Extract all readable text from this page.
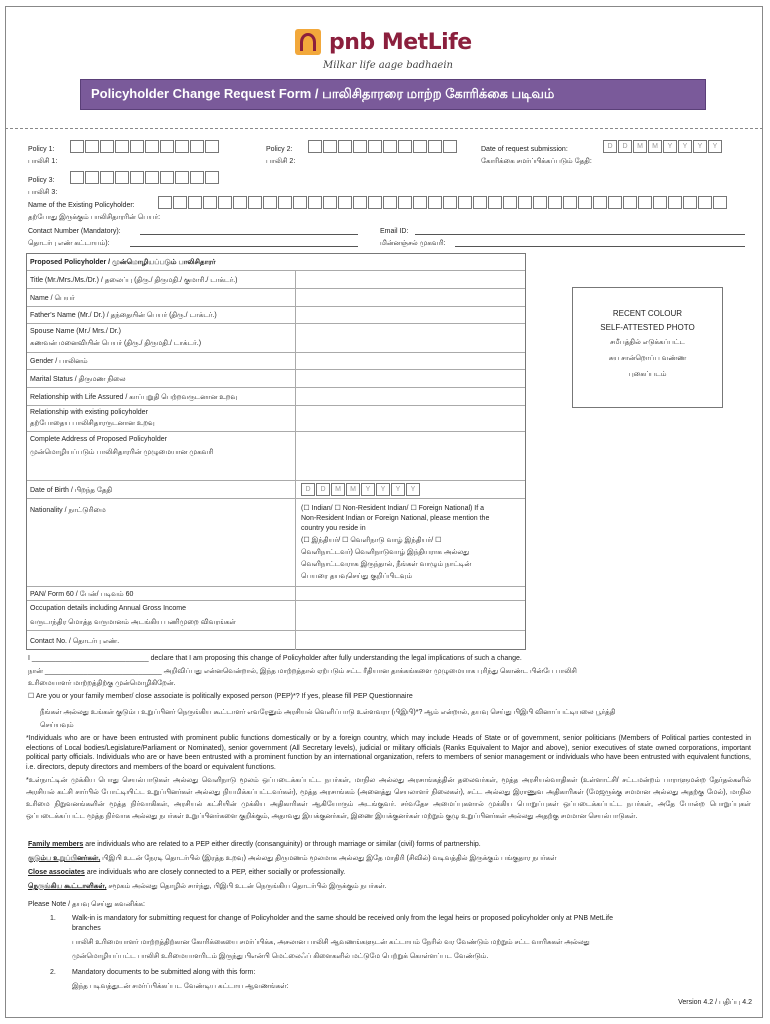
pnb MetLife
Milkar life aage badhaein
Policyholder Change Request Form / பாலிசிதாரரை மாற்ற கோரிக்கை படிவம்
Policy 1:
பாலிசி 1:
Policy 2:
பாலிசி 2:
Date of request submission:
கோரிக்கை சமர்ப்பிக்கப்படும் தேதி:
D	D	M	M	Y	Y	Y	Y
Policy 3:
பாலிசி 3:
Name of the Existing Policyholder:
தற்போது இருக்கும் பாலிசிதாரரின் பெயர்:
Contact Number (Mandatory):
தொடர்பு எண் கட்டாயம்):
Email ID:
மின்னஞ்சல் முகவரி:
Proposed Policyholder / முன்மொழியப்படும் பாலிசிதாரர்
Title (Mr./Mrs./Ms./Dr.) / தலைப்பு (திரு./ திருமதி./ குமாரி./ டாக்டர்.)
Name / பெயர்
Father's Name (Mr./ Dr.) / தந்தையின் பெயர் (திரு./ டாக்டர்.)
Spouse Name (Mr./ Mrs./ Dr.)
கணவன் மனைவியின் பெயர் (திரு./ திருமதி./ டாக்டர்.)
Gender / பாலினம்
Marital Status / திருமண நிலை
Relationship with Life Assured / காப்புறுதி பெற்றவருடனான உறவு
Relationship with existing policyholder
தற்போதைய பாலிசிதாரருடனான உறவு
Complete Address of Proposed Policyholder
முன்மொழியப்படும் பாலிசிதாரரின் முழுமையான முகவரி
Date of Birth / பிறந்த தேதி	D	D	M	M	Y	Y	Y	Y
Nationality / நாட்டுரிமை	(☐ Indian/ ☐ Non-Resident Indian/ ☐ Foreign National) If a
Non-Resident Indian or Foreign National, please mention the
country you reside in
(☐ இந்தியர்/ ☐ வெளிநாடு வாழ் இந்தியர்/ ☐
வெளிநாட்டவர்) வெளிநாடுவாழ் இந்தியராக அல்லது
வெளிநாட்டவராக இருந்தால், நீங்கள் வாழும் நாட்டின்
பெயரை தயவுசெய்து குறிப்பிடவும்
PAN/ Form 60 / பேன்/ படிவம் 60
Occupation details including Annual Gross Income
வருடாந்திர மொத்த வருமானம் அடங்கிய பணிமுறை விவரங்கள்
Contact No. / தொடர்பு எண்.
RECENT COLOUR
SELF-ATTESTED PHOTO
சமீபத்தில் எடுக்கப்பட்ட
சுய சான்றொப்ப வண்ண
புகைப்படம்
I ______________________________ declare that I am proposing this change of Policyholder after fully understanding the legal implications of such a change.
நான் ______________________________ அறிவிப்பது என்னவென்றால், இந்த மாற்றத்தால் ஏற்படும் சட்ட ரீதியான தாக்கங்களை முழுமையாக புரிந்து கொண்ட பின்பே பாலிசி
உரிமையாளர் மாற்றத்திற்கு முன்மொழிகிறேன்.
☐ Are you or your family member/ close associate is politically exposed person (PEP)*? If yes, please fill PEP Questionnaire
நீங்கள் அல்லது உங்கள் குடும்ப உறுப்பினர் நெருங்கிய கூட்டாளர் எவரேனும் அரசியல் வெளிப்பாடு உள்ளவரா (பிஇபி)*? ஆம் என்றால், தயவு செய்து பிஇபி வினாப்பட்டியலை பூர்த்தி
செய்யவும்
*Individuals who are or have been entrusted with prominent public functions domestically or by a foreign country, which may include Heads of State or of government, senior politicians (Members of Political parties contested in elections of Local bodies/Legislature/Parliament or Nominated), senior government (All Secretary levels), judicial or military officials (Ranks Equivalent to Major and above), senior executives of state owned corporations, important political party officials. Individuals who are or have been entrusted with a prominent function by an international organization, refers to members of senior management or individuals who have been entrusted with equivalent functions, i.e. directors, deputy directors and members of the board or equivalent functions.
*உள்நாட்டின் முக்கிய பொது செயல்பாடுகள் அல்லது வெளிநாடு மூலம் ஒப்படைக்கப்பட்ட நபர்கள், மாநில அல்லது அரசாங்கத்தின் தலைவர்கள், மூத்த அரசியல்வாதிகள் (உள்ளாட்சி/ சட்டமன்றம் பாராளுமன்ற தேர்தல்களில் அரசியல் கட்சி சார்பில் போட்டியிட்ட உறுப்பினர்கள் அல்லது நியமிக்கப்பட்டவர்கள்), மூத்த அரசாங்கம் (அனைத்து செயலாளர் நிலைகள்), சட்ட அல்லது இராணுவ அதிகாரிகள் (மேஜருக்கு சமமான அல்லது அதற்கு மேல்), மாநில உரிமை நிறுவனங்களின் மூத்த நிர்வாகிகள், அரசியல் கட்சியின் முக்கிய அதிகாரிகள் ஆகியோரும் அடங்குவர். சர்வதேச அமைப்புகளால் முக்கிய பொறுப்புகள் ஒப்படைக்கப்பட்ட நபர்கள், அதே போன்ற பொறுப்புகள் ஒப்படைக்கப்பட்ட மூத்த நிர்வாக அல்லது நபர்கள் உறுப்பினர்களை குறிக்கும், அதாவது இயக்குனர்கள், இணை இயக்குனர்கள் மற்றும் குழு உறுப்பினர்கள் அல்லது அதற்கு சமமான செயல்பாடுகள்.
Family members are individuals who are related to a PEP either directly (consanguinity) or through marriage or similar (civil) forms of partnership.
குடும்ப உறுப்பினர்கள், பிஇபி உடன் நேரடி தொடர்பில் (இரத்த உறவு) அல்லது திருமணம் மூலமாக அல்லது இதே மாதிரி (சிவில்) வடிவத்தில் இருக்கும் பங்குதார நபர்கள்
Close associates are individuals who are closely connected to a PEP, either socially or professionally.
நெருங்கிய கூட்டாளிகள், சமூகம் அல்லது தொழில் சார்ந்து, பிஇபி உடன் நெருங்கிய தொடர்பில் இருக்கும் நபர்கள்.
Please Note / தயவு செய்து கவனிக்க:
1. Walk-in is mandatory for submitting request for change of Policyholder and the same should be received only from the legal heirs or proposed policyholder only at PNB MetLife
branches
பாலிசி உரிமையாளர் மாற்றத்திற்கான கோரிக்கையை சமர்ப்பிக்க, அசலான பாலிசி ஆவணங்களுடன் கட்டாயம் நேரில் வர வேண்டும் மற்றும் சட்ட வாரிசுகள் அல்லது
முன்மொழியப்பட்ட பாலிசி உரிமையாளரிடம் இருந்து பிஎன்பி மெட்லைஃப் கிளைகளில் மட்டுமே பெற்றுக் கொள்ளப்பட வேண்டும்.
2. Mandatory documents to be submitted along with this form:
இந்த படிவத்துடன் சமர்ப்பிக்கப்பட வேண்டிய கட்டாய ஆவணங்கள்:
Version 4.2 / பதிப்பு 4.2
